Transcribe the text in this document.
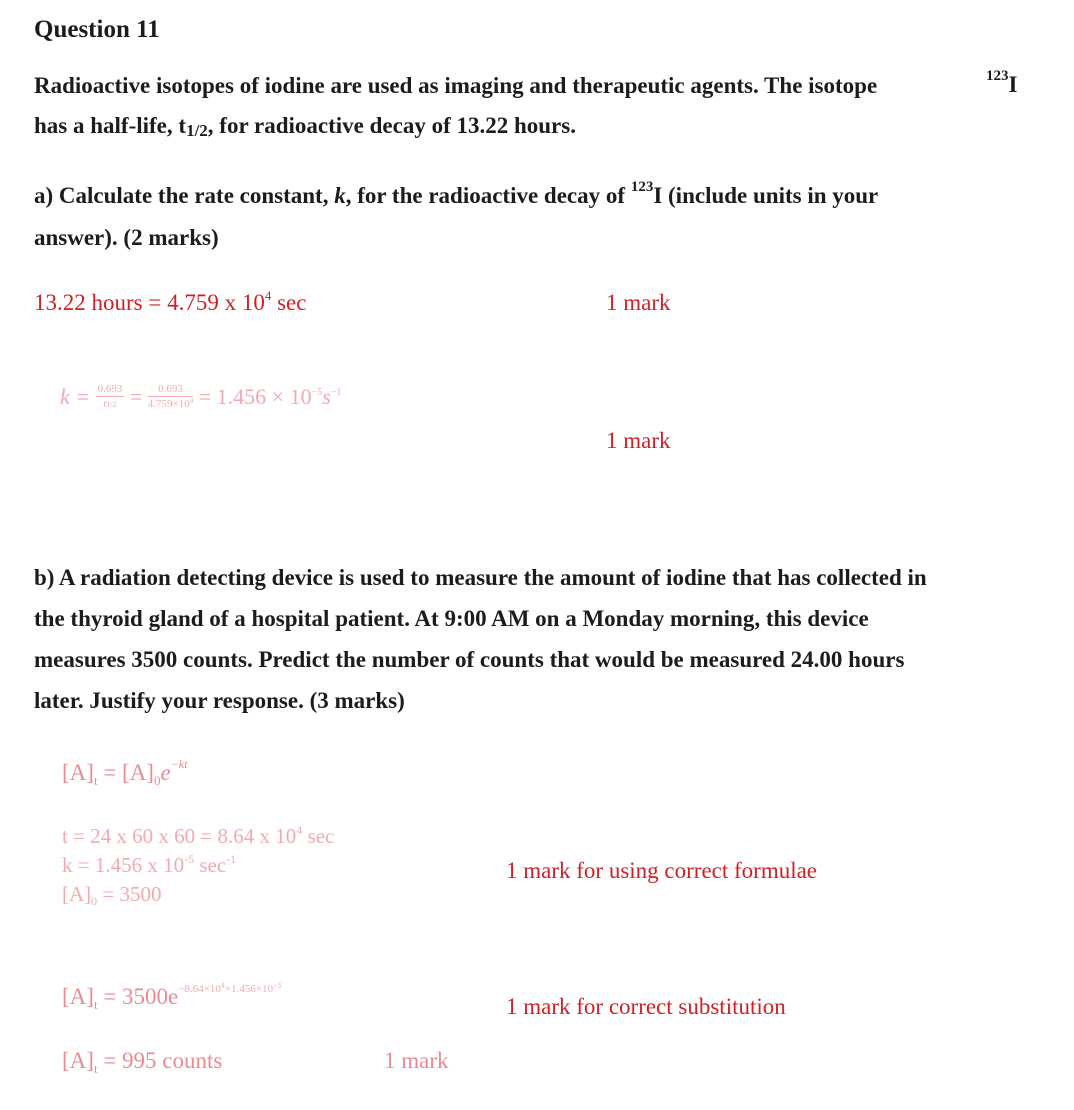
Question 11
Radioactive isotopes of iodine are used as imaging and therapeutic agents. The isotope	123I
has a half-life, t1/2, for radioactive decay of 13.22 hours.
a) Calculate the rate constant, k, for the radioactive decay of $^{123}$I (include units in your
answer). (2 marks)
13.22 hours = 4.759 x $10^4$ sec	1 mark
$k = \frac{0.693}{t1/2} = \frac{0.693}{4.759\times 10^4} = 1.456 \times 10^{-5}s^{-1}$
1 mark
b) A radiation detecting device is used to measure the amount of iodine that has collected in
the thyroid gland of a hospital patient. At 9:00 AM on a Monday morning, this device
measures 3500 counts. Predict the number of counts that would be measured 24.00 hours
later. Justify your response. (3 marks)
$[A]_t = [A]_0e^{-kt}$
t = 24 x 60 x 60 = 8.64 x $10^4$ sec
k = 1.456 x $10^{-5}$ $\sec^{-1}$
[A]0 = 3500
1 mark for using correct formulae
$[A]_t = 3500e^{-8.64\times 10^4\times 1.456\times 10^{-5}}$
1 mark for correct substitution
$[A]_t = 995$ counts	1 mark
